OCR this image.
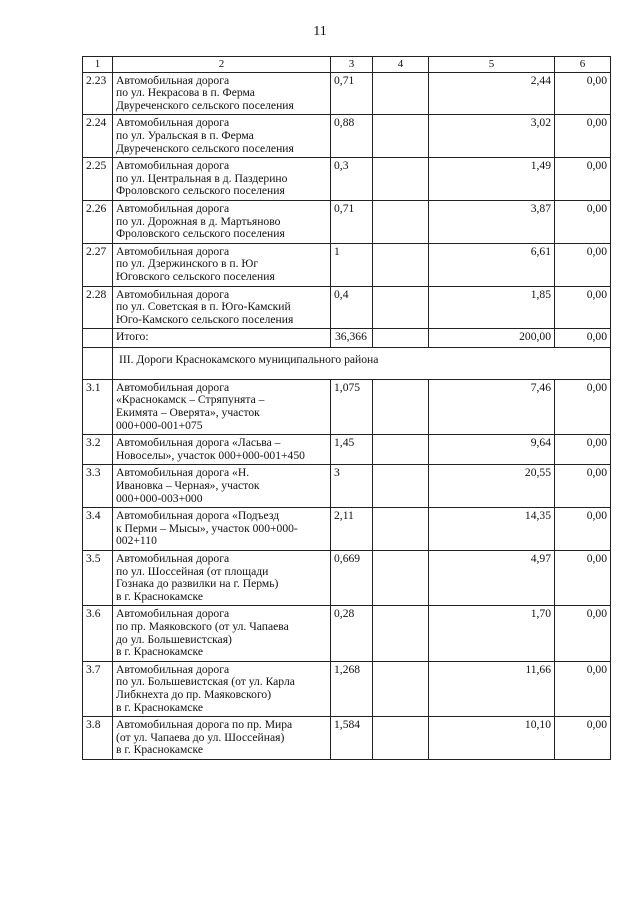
11
1	2	3	4	5	6
2.23	Автомобильная дорога
по ул. Некрасова в п. Ферма
Двуреченского сельского поселения	0,71		2,44	0,00
2.24	Автомобильная дорога
по ул. Уральская в п. Ферма
Двуреченского сельского поселения	0,88		3,02	0,00
2.25	Автомобильная дорога
по ул. Центральная в д. Паздерино
Фроловского сельского поселения	0,3		1,49	0,00
2.26	Автомобильная дорога
по ул. Дорожная в д. Мартьяново
Фроловского сельского поселения	0,71		3,87	0,00
2.27	Автомобильная дорога
по ул. Дзержинского в п. Юг
Юговского сельского поселения	1		6,61	0,00
2.28	Автомобильная дорога
по ул. Советская в п. Юго-Камский
Юго-Камского сельского поселения	0,4		1,85	0,00
	Итого:	36,366		200,00	0,00
	III. Дороги Краснокамского муниципального района				
3.1	Автомобильная дорога
«Краснокамск – Стряпунята –
Екимята – Оверята», участок
000+000-001+075	1,075		7,46	0,00
3.2	Автомобильная дорога «Ласьва –
Новоселы», участок 000+000-001+450	1,45		9,64	0,00
3.3	Автомобильная дорога «Н.
Ивановка – Черная», участок
000+000-003+000	3		20,55	0,00
3.4	Автомобильная дорога «Подъезд
к Перми – Мысы», участок 000+000-
002+110	2,11		14,35	0,00
3.5	Автомобильная дорога
по ул. Шоссейная (от площади
Гознака до развилки на г. Пермь)
в г. Краснокамске	0,669		4,97	0,00
3.6	Автомобильная дорога
по пр. Маяковского (от ул. Чапаева
до ул. Большевистская)
в г. Краснокамске	0,28		1,70	0,00
3.7	Автомобильная дорога
по ул. Большевистская (от ул. Карла
Либкнехта до пр. Маяковского)
в г. Краснокамске	1,268		11,66	0,00
3.8	Автомобильная дорога по пр. Мира
(от ул. Чапаева до ул. Шоссейная)
в г. Краснокамске	1,584		10,10	0,00
